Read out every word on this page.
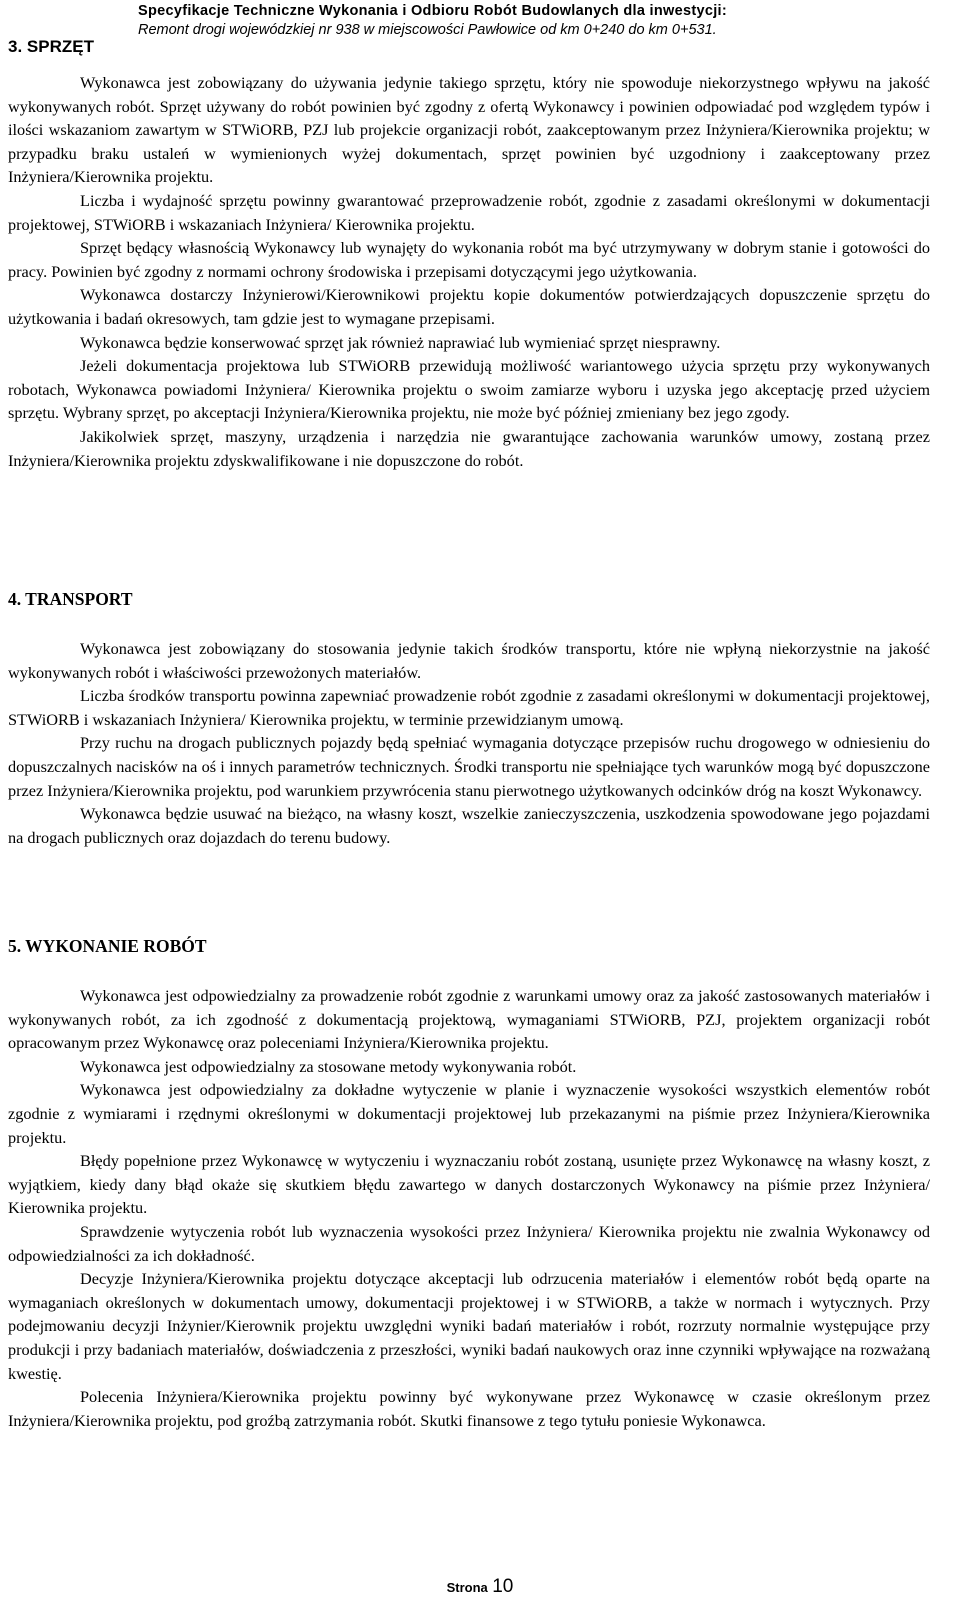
Specyfikacje Techniczne Wykonania i Odbioru Robót Budowlanych dla inwestycji:
Remont drogi wojewódzkiej nr 938 w miejscowości Pawłowice od km 0+240 do km 0+531.
3. SPRZĘT

Wykonawca jest zobowiązany do używania jedynie takiego sprzętu, który nie spowoduje niekorzystnego wpływu na jakość wykonywanych robót. Sprzęt używany do robót powinien być zgodny z ofertą Wykonawcy i powinien odpowiadać pod względem typów i ilości wskazaniom zawartym w STWiORB, PZJ lub projekcie organizacji robót, zaakceptowanym przez Inżyniera/Kierownika projektu; w przypadku braku ustaleń w wymienionych wyżej dokumentach, sprzęt powinien być uzgodniony i zaakceptowany przez Inżyniera/Kierownika projektu.

Liczba i wydajność sprzętu powinny gwarantować przeprowadzenie robót, zgodnie z zasadami określonymi w dokumentacji projektowej, STWiORB i wskazaniach Inżyniera/ Kierownika projektu.

Sprzęt będący własnością Wykonawcy lub wynajęty do wykonania robót ma być utrzymywany w dobrym stanie i gotowości do pracy. Powinien być zgodny z normami ochrony środowiska i przepisami dotyczącymi jego użytkowania.

Wykonawca dostarczy Inżynierowi/Kierownikowi projektu kopie dokumentów potwierdzających dopuszczenie sprzętu do użytkowania i badań okresowych, tam gdzie jest to wymagane przepisami.

Wykonawca będzie konserwować sprzęt jak również naprawiać lub wymieniać sprzęt niesprawny.

Jeżeli dokumentacja projektowa lub STWiORB przewidują możliwość wariantowego użycia sprzętu przy wykonywanych robotach, Wykonawca powiadomi Inżyniera/ Kierownika projektu o swoim zamiarze wyboru i uzyska jego akceptację przed użyciem sprzętu. Wybrany sprzęt, po akceptacji Inżyniera/Kierownika projektu, nie może być później zmieniany bez jego zgody.

Jakikolwiek sprzęt, maszyny, urządzenia i narzędzia nie gwarantujące zachowania warunków umowy, zostaną przez Inżyniera/Kierownika projektu zdyskwalifikowane i nie dopuszczone do robót.

4. TRANSPORT

Wykonawca jest zobowiązany do stosowania jedynie takich środków transportu, które nie wpłyną niekorzystnie na jakość wykonywanych robót i właściwości przewożonych materiałów.

Liczba środków transportu powinna zapewniać prowadzenie robót zgodnie z zasadami określonymi w dokumentacji projektowej, STWiORB i wskazaniach Inżyniera/ Kierownika projektu, w terminie przewidzianym umową.

Przy ruchu na drogach publicznych pojazdy będą spełniać wymagania dotyczące przepisów ruchu drogowego w odniesieniu do dopuszczalnych nacisków na oś i innych parametrów technicznych. Środki transportu nie spełniające tych warunków mogą być dopuszczone przez Inżyniera/Kierownika projektu, pod warunkiem przywrócenia stanu pierwotnego użytkowanych odcinków dróg na koszt Wykonawcy.

Wykonawca będzie usuwać na bieżąco, na własny koszt, wszelkie zanieczyszczenia, uszkodzenia spowodowane jego pojazdami na drogach publicznych oraz dojazdach do terenu budowy.

5. WYKONANIE ROBÓT

Wykonawca jest odpowiedzialny za prowadzenie robót zgodnie z warunkami umowy oraz za jakość zastosowanych materiałów i wykonywanych robót, za ich zgodność z dokumentacją projektową, wymaganiami STWiORB, PZJ, projektem organizacji robót opracowanym przez Wykonawcę oraz poleceniami Inżyniera/Kierownika projektu.

Wykonawca jest odpowiedzialny za stosowane metody wykonywania robót.

Wykonawca jest odpowiedzialny za dokładne wytyczenie w planie i wyznaczenie wysokości wszystkich elementów robót zgodnie z wymiarami i rzędnymi określonymi w dokumentacji projektowej lub przekazanymi na piśmie przez Inżyniera/Kierownika projektu.

Błędy popełnione przez Wykonawcę w wytyczeniu i wyznaczaniu robót zostaną, usunięte przez Wykonawcę na własny koszt, z wyjątkiem, kiedy dany błąd okaże się skutkiem błędu zawartego w danych dostarczonych Wykonawcy na piśmie przez Inżyniera/ Kierownika projektu.

Sprawdzenie wytyczenia robót lub wyznaczenia wysokości przez Inżyniera/ Kierownika projektu nie zwalnia Wykonawcy od odpowiedzialności za ich dokładność.

Decyzje Inżyniera/Kierownika projektu dotyczące akceptacji lub odrzucenia materiałów i elementów robót będą oparte na wymaganiach określonych w dokumentach umowy, dokumentacji projektowej i w STWiORB, a także w normach i wytycznych. Przy podejmowaniu decyzji Inżynier/Kierownik projektu uwzględni wyniki badań materiałów i robót, rozrzuty normalnie występujące przy produkcji i przy badaniach materiałów, doświadczenia z przeszłości, wyniki badań naukowych oraz inne czynniki wpływające na rozważaną kwestię.

Polecenia Inżyniera/Kierownika projektu powinny być wykonywane przez Wykonawcę w czasie określonym przez Inżyniera/Kierownika projektu, pod groźbą zatrzymania robót. Skutki finansowe z tego tytułu poniesie Wykonawca.

Strona 10
